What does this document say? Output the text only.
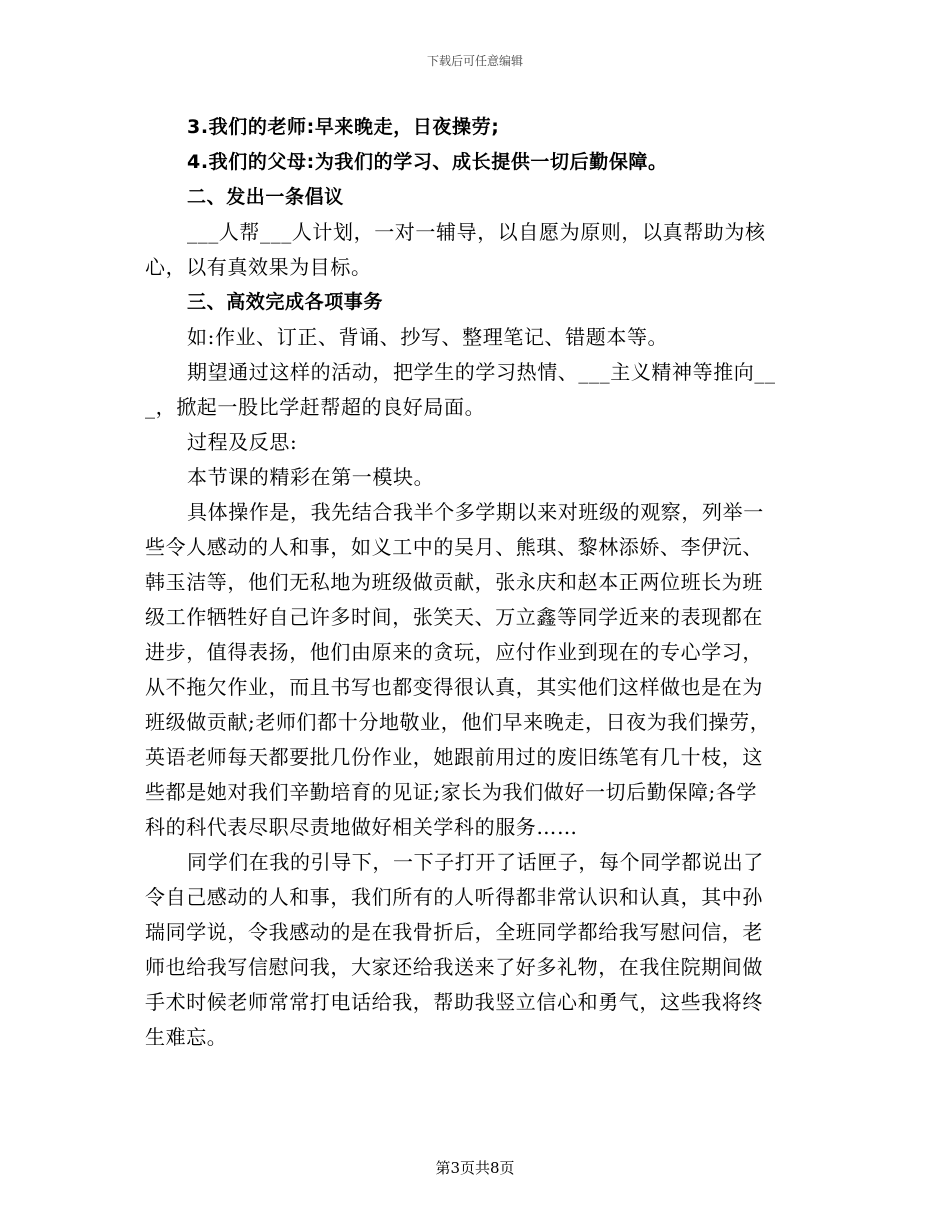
下载后可任意编辑
3.我们的老师:早来晚走，日夜操劳;
4.我们的父母:为我们的学习、成长提供一切后勤保障。
二、发出一条倡议
___人帮___人计划，一对一辅导，以自愿为原则，以真帮助为核
心，以有真效果为目标。
三、高效完成各项事务
如:作业、订正、背诵、抄写、整理笔记、错题本等。
期望通过这样的活动，把学生的学习热情、___主义精神等推向__
_，掀起一股比学赶帮超的良好局面。
过程及反思:
本节课的精彩在第一模块。
具体操作是，我先结合我半个多学期以来对班级的观察，列举一
些令人感动的人和事，如义工中的吴月、熊琪、黎林添娇、李伊沅、
韩玉洁等，他们无私地为班级做贡献，张永庆和赵本正两位班长为班
级工作牺牲好自己许多时间，张笑天、万立鑫等同学近来的表现都在
进步，值得表扬，他们由原来的贪玩，应付作业到现在的专心学习，
从不拖欠作业，而且书写也都变得很认真，其实他们这样做也是在为
班级做贡献;老师们都十分地敬业，他们早来晚走，日夜为我们操劳，
英语老师每天都要批几份作业，她跟前用过的废旧练笔有几十枝，这
些都是她对我们辛勤培育的见证;家长为我们做好一切后勤保障;各学
科的科代表尽职尽责地做好相关学科的服务……
同学们在我的引导下，一下子打开了话匣子，每个同学都说出了
令自己感动的人和事，我们所有的人听得都非常认识和认真，其中孙
瑞同学说，令我感动的是在我骨折后，全班同学都给我写慰问信，老
师也给我写信慰问我，大家还给我送来了好多礼物，在我住院期间做
手术时候老师常常打电话给我，帮助我竖立信心和勇气，这些我将终
生难忘。
第3页共8页
